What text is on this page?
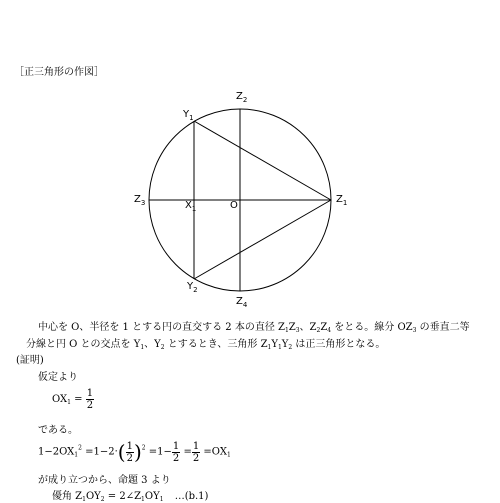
［正三角形の作図］
$Z_2$
$Z_4$
$Z_3$	$Z_1$
$Y_1$
$Y_2$
$X_1$	O
中心を O、半径を 1 とする円の直交する 2 本の直径 $Z_1Z_3$、$Z_2Z_4$ をとる。線分 $OZ_3$ の垂直二等
分線と円 O との交点を $Y_1$、$Y_2$ とするとき、三角形 $Z_1Y_1Y_2$ は正三角形となる。
(証明)
仮定より
$OX_1 = \frac{1}{2}$
である。
$1-2OX_1^2 =1-2\cdot( \frac{1}{2} )^2 =1- \frac{1}{2} = \frac{1}{2} =OX_1$
が成り立つから、命題 3 より
優角 $Z_1OY_2$ = $2\angle Z_1OY_1$ …(b.1)
